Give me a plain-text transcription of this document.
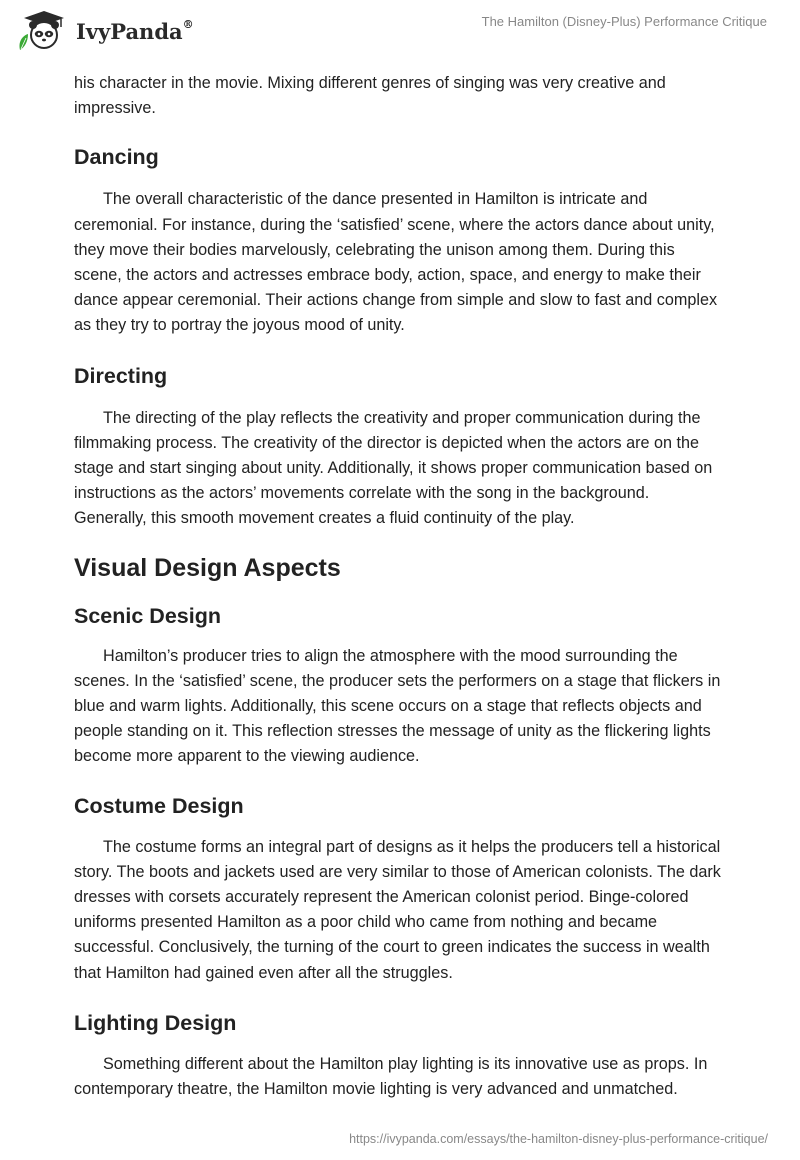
IvyPanda®	The Hamilton (Disney-Plus) Performance Critique

his character in the movie. Mixing different genres of singing was very creative and impressive.

Dancing

The overall characteristic of the dance presented in Hamilton is intricate and ceremonial. For instance, during the ‘satisfied’ scene, where the actors dance about unity, they move their bodies marvelously, celebrating the unison among them. During this scene, the actors and actresses embrace body, action, space, and energy to make their dance appear ceremonial. Their actions change from simple and slow to fast and complex as they try to portray the joyous mood of unity.

Directing

The directing of the play reflects the creativity and proper communication during the filmmaking process. The creativity of the director is depicted when the actors are on the stage and start singing about unity. Additionally, it shows proper communication based on instructions as the actors’ movements correlate with the song in the background. Generally, this smooth movement creates a fluid continuity of the play.

Visual Design Aspects
Scenic Design

Hamilton’s producer tries to align the atmosphere with the mood surrounding the scenes. In the ‘satisfied’ scene, the producer sets the performers on a stage that flickers in blue and warm lights. Additionally, this scene occurs on a stage that reflects objects and people standing on it. This reflection stresses the message of unity as the flickering lights become more apparent to the viewing audience.

Costume Design

The costume forms an integral part of designs as it helps the producers tell a historical story. The boots and jackets used are very similar to those of American colonists. The dark dresses with corsets accurately represent the American colonist period. Binge-colored uniforms presented Hamilton as a poor child who came from nothing and became successful. Conclusively, the turning of the court to green indicates the success in wealth that Hamilton had gained even after all the struggles.

Lighting Design

Something different about the Hamilton play lighting is its innovative use as props. In contemporary theatre, the Hamilton movie lighting is very advanced and unmatched.

https://ivypanda.com/essays/the-hamilton-disney-plus-performance-critique/
